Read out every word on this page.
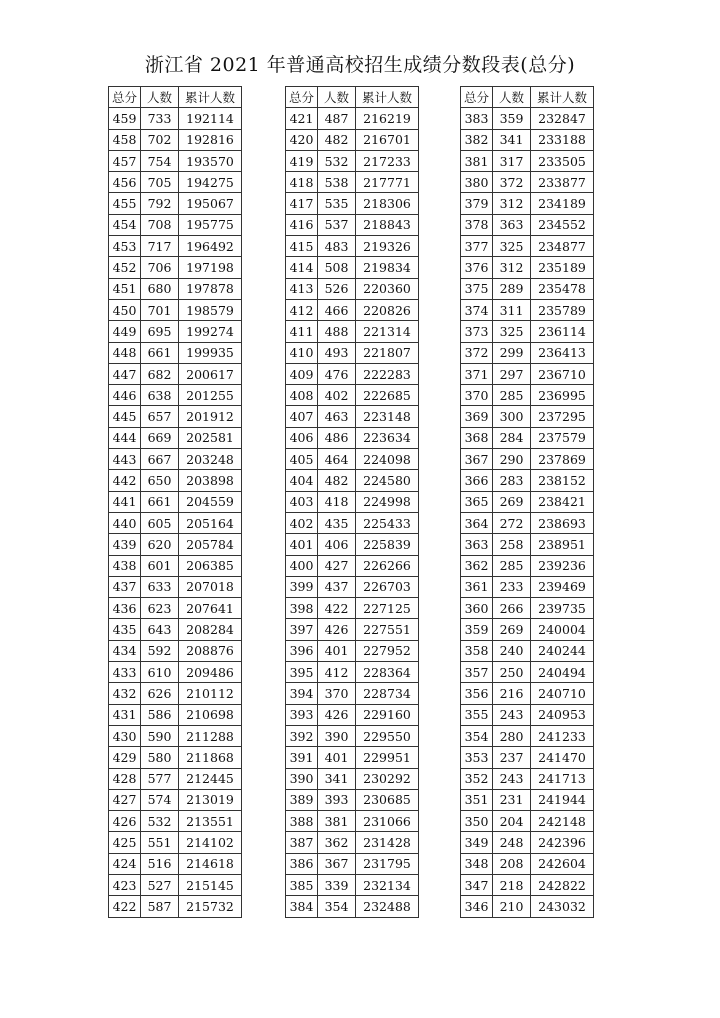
浙江省 2021 年普通高校招生成绩分数段表(总分)
总分	人数	累计人数
459	733	192114
458	702	192816
457	754	193570
456	705	194275
455	792	195067
454	708	195775
453	717	196492
452	706	197198
451	680	197878
450	701	198579
449	695	199274
448	661	199935
447	682	200617
446	638	201255
445	657	201912
444	669	202581
443	667	203248
442	650	203898
441	661	204559
440	605	205164
439	620	205784
438	601	206385
437	633	207018
436	623	207641
435	643	208284
434	592	208876
433	610	209486
432	626	210112
431	586	210698
430	590	211288
429	580	211868
428	577	212445
427	574	213019
426	532	213551
425	551	214102
424	516	214618
423	527	215145
422	587	215732
总分	人数	累计人数
421	487	216219
420	482	216701
419	532	217233
418	538	217771
417	535	218306
416	537	218843
415	483	219326
414	508	219834
413	526	220360
412	466	220826
411	488	221314
410	493	221807
409	476	222283
408	402	222685
407	463	223148
406	486	223634
405	464	224098
404	482	224580
403	418	224998
402	435	225433
401	406	225839
400	427	226266
399	437	226703
398	422	227125
397	426	227551
396	401	227952
395	412	228364
394	370	228734
393	426	229160
392	390	229550
391	401	229951
390	341	230292
389	393	230685
388	381	231066
387	362	231428
386	367	231795
385	339	232134
384	354	232488
总分	人数	累计人数
383	359	232847
382	341	233188
381	317	233505
380	372	233877
379	312	234189
378	363	234552
377	325	234877
376	312	235189
375	289	235478
374	311	235789
373	325	236114
372	299	236413
371	297	236710
370	285	236995
369	300	237295
368	284	237579
367	290	237869
366	283	238152
365	269	238421
364	272	238693
363	258	238951
362	285	239236
361	233	239469
360	266	239735
359	269	240004
358	240	240244
357	250	240494
356	216	240710
355	243	240953
354	280	241233
353	237	241470
352	243	241713
351	231	241944
350	204	242148
349	248	242396
348	208	242604
347	218	242822
346	210	243032
